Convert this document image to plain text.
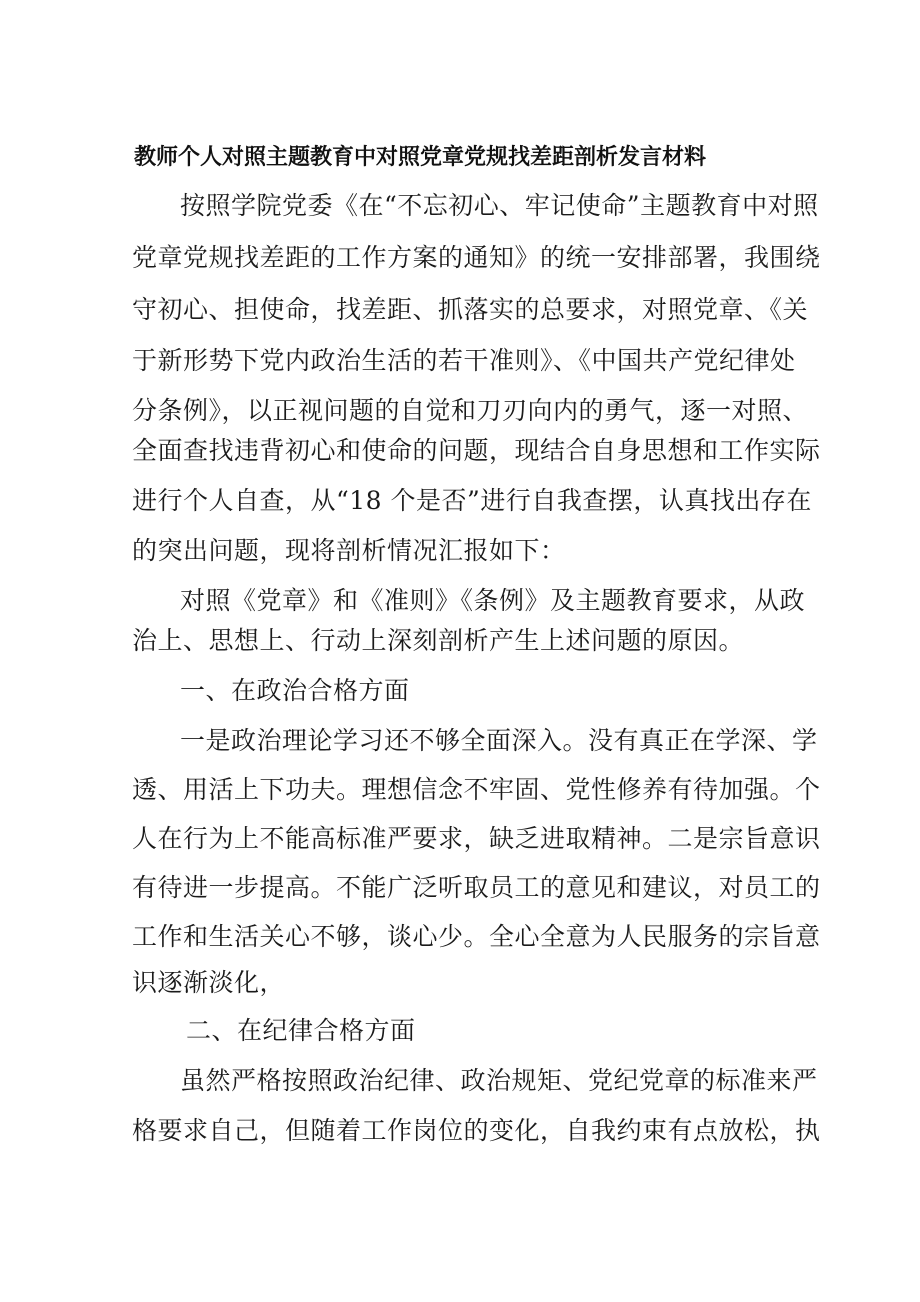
教师个人对照主题教育中对照党章党规找差距剖析发言材料
按照学院党委《在“不忘初心、牢记使命”主题教育中对照
党章党规找差距的工作方案的通知》的统一安排部署，我围绕
守初心、担使命，找差距、抓落实的总要求，对照党章、《关
于新形势下党内政治生活的若干准则》、《中国共产党纪律处
分条例》，以正视问题的自觉和刀刃向内的勇气，逐一对照、
全面查找违背初心和使命的问题，现结合自身思想和工作实际
进行个人自查，从“18 个是否”进行自我查摆，认真找出存在
的突出问题，现将剖析情况汇报如下：
对照《党章》和《准则》《条例》及主题教育要求，从政
治上、思想上、行动上深刻剖析产生上述问题的原因。
一、在政治合格方面
一是政治理论学习还不够全面深入。没有真正在学深、学
透、用活上下功夫。理想信念不牢固、党性修养有待加强。个
人在行为上不能高标准严要求，缺乏进取精神。二是宗旨意识
有待进一步提高。不能广泛听取员工的意见和建议，对员工的
工作和生活关心不够，谈心少。全心全意为人民服务的宗旨意
识逐渐淡化，
二、在纪律合格方面
虽然严格按照政治纪律、政治规矩、党纪党章的标准来严
格要求自己，但随着工作岗位的变化，自我约束有点放松，执
